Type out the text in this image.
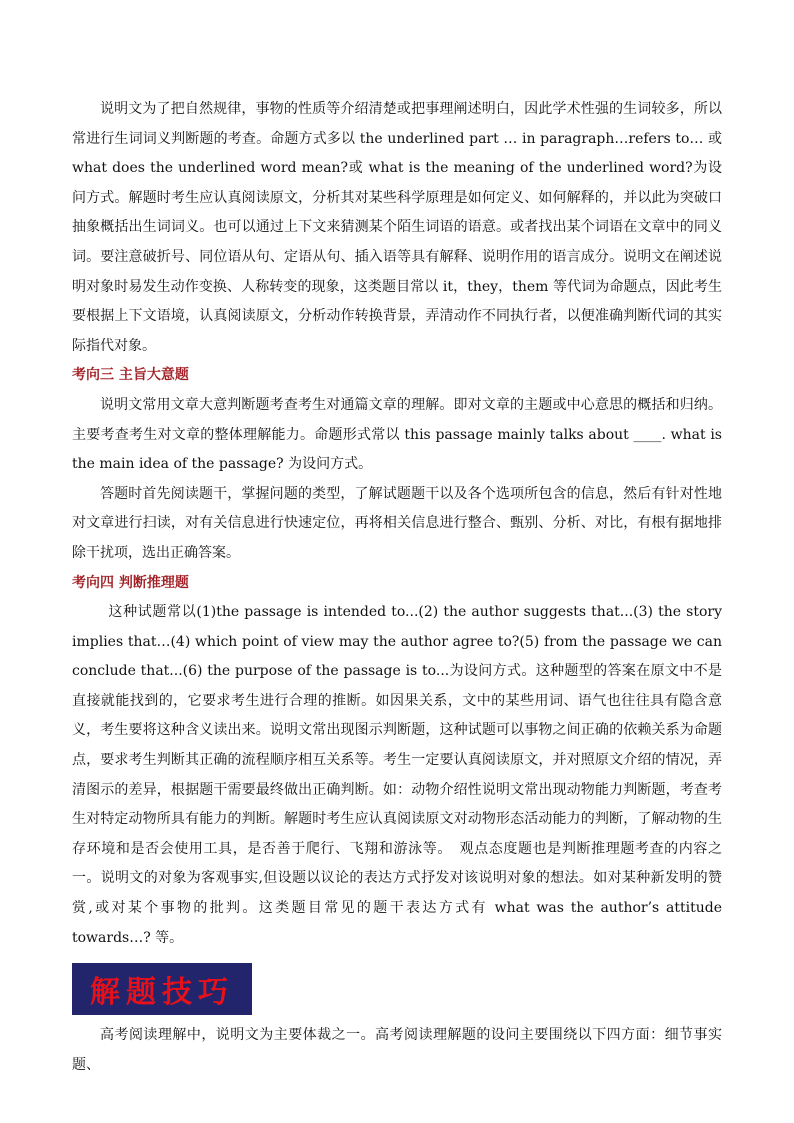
说明文为了把自然规律，事物的性质等介绍清楚或把事理阐述明白，因此学术性强的生词较多，所以常进行生词词义判断题的考查。命题方式多以 the underlined part … in paragraph…refers to… 或 what does the underlined word mean?或 what is the meaning of the underlined word?为设问方式。解题时考生应认真阅读原文，分析其对某些科学原理是如何定义、如何解释的，并以此为突破口抽象概括出生词词义。也可以通过上下文来猜测某个陌生词语的语意。或者找出某个词语在文章中的同义词。要注意破折号、同位语从句、定语从句、插入语等具有解释、说明作用的语言成分。说明文在阐述说明对象时易发生动作变换、人称转变的现象，这类题目常以 it，they，them 等代词为命题点，因此考生要根据上下文语境，认真阅读原文，分析动作转换背景，弄清动作不同执行者，以便准确判断代词的其实际指代对象。

考向三 主旨大意题

说明文常用文章大意判断题考查考生对通篇文章的理解。即对文章的主题或中心意思的概括和归纳。主要考查考生对文章的整体理解能力。命题形式常以 this passage mainly talks about ____. what is the main idea of the passage? 为设问方式。

答题时首先阅读题干，掌握问题的类型，了解试题题干以及各个选项所包含的信息，然后有针对性地对文章进行扫读，对有关信息进行快速定位，再将相关信息进行整合、甄别、分析、对比，有根有据地排除干扰项，选出正确答案。

考向四 判断推理题

这种试题常以(1)the passage is intended to...(2) the author suggests that...(3) the story implies that…(4) which point of view may the author agree to?(5) from the passage we can conclude that...(6) the purpose of the passage is to...为设问方式。这种题型的答案在原文中不是直接就能找到的，它要求考生进行合理的推断。如因果关系，文中的某些用词、语气也往往具有隐含意义，考生要将这种含义读出来。说明文常出现图示判断题，这种试题可以事物之间正确的依赖关系为命题点，要求考生判断其正确的流程顺序相互关系等。考生一定要认真阅读原文，并对照原文介绍的情况，弄清图示的差异，根据题干需要最终做出正确判断。如：动物介绍性说明文常出现动物能力判断题，考查考生对特定动物所具有能力的判断。解题时考生应认真阅读原文对动物形态活动能力的判断，了解动物的生存环境和是否会使用工具，是否善于爬行、飞翔和游泳等。　观点态度题也是判断推理题考查的内容之一。说明文的对象为客观事实,但设题以议论的表达方式抒发对该说明对象的想法。如对某种新发明的赞赏,或对某个事物的批判。这类题目常见的题干表达方式有 what was the author’s attitude towards…? 等。

解题技巧

高考阅读理解中，说明文为主要体裁之一。高考阅读理解题的设问主要围绕以下四方面：细节事实题、
